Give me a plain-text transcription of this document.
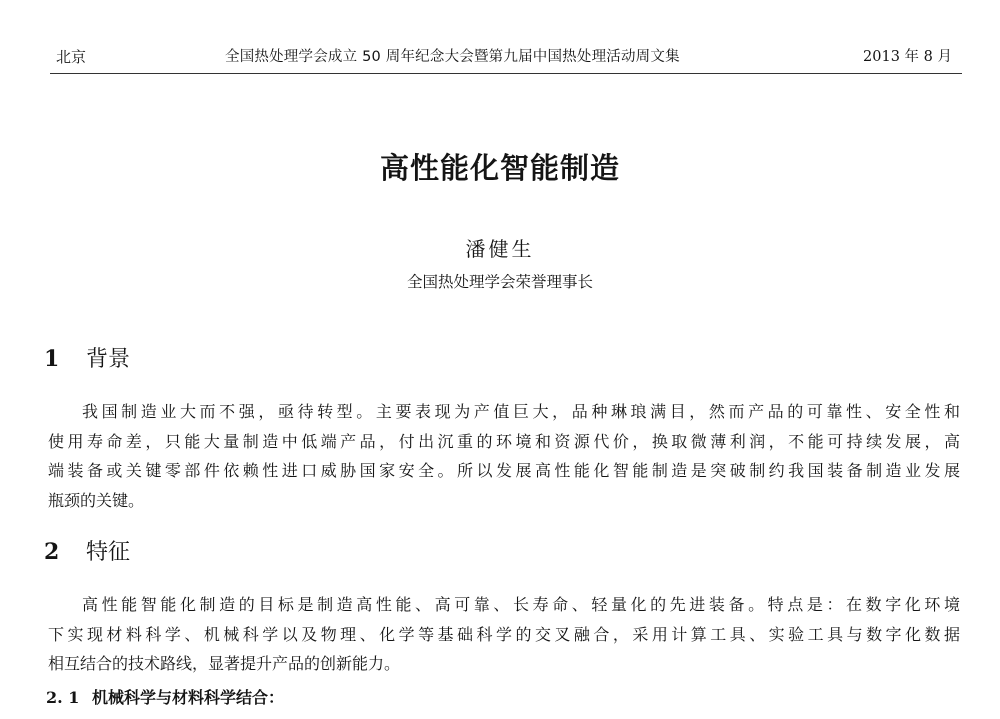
北京	全国热处理学会成立 50 周年纪念大会暨第九届中国热处理活动周文集	2013 年 8 月
高性能化智能制造
潘健生
全国热处理学会荣誉理事长
1 背景
我国制造业大而不强，亟待转型。主要表现为产值巨大，品种琳琅满目，然而产品的可靠性、安全性和
使用寿命差，只能大量制造中低端产品，付出沉重的环境和资源代价，换取微薄利润，不能可持续发展，高
端装备或关键零部件依赖性进口威胁国家安全。所以发展高性能化智能制造是突破制约我国装备制造业发展
瓶颈的关键。
2 特征
高性能智能化制造的目标是制造高性能、高可靠、长寿命、轻量化的先进装备。特点是：在数字化环境
下实现材料科学、机械科学以及物理、化学等基础科学的交叉融合，采用计算工具、实验工具与数字化数据
相互结合的技术路线，显著提升产品的创新能力。
2. 1 机械科学与材料科学结合：
